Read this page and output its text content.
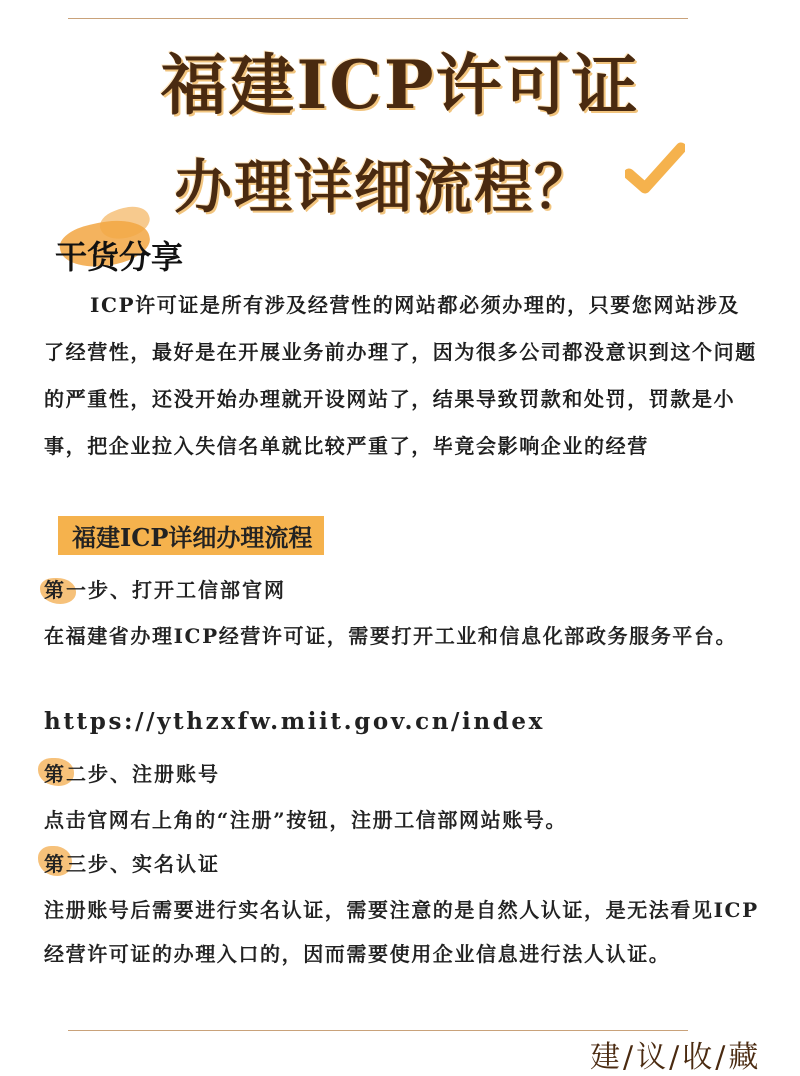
福建ICP许可证
办理详细流程？
干货分享
ICP许可证是所有涉及经营性的网站都必须办理的，只要您网站涉及了经营性，最好是在开展业务前办理了，因为很多公司都没意识到这个问题的严重性，还没开始办理就开设网站了，结果导致罚款和处罚，罚款是小事，把企业拉入失信名单就比较严重了，毕竟会影响企业的经营
福建ICP详细办理流程
第一步、打开工信部官网
在福建省办理ICP经营许可证，需要打开工业和信息化部政务服务平台。
https://ythzxfw.miit.gov.cn/index
第二步、注册账号
点击官网右上角的“注册”按钮，注册工信部网站账号。
第三步、实名认证
注册账号后需要进行实名认证，需要注意的是自然人认证，是无法看见ICP经营许可证的办理入口的，因而需要使用企业信息进行法人认证。
建/议/收/藏
